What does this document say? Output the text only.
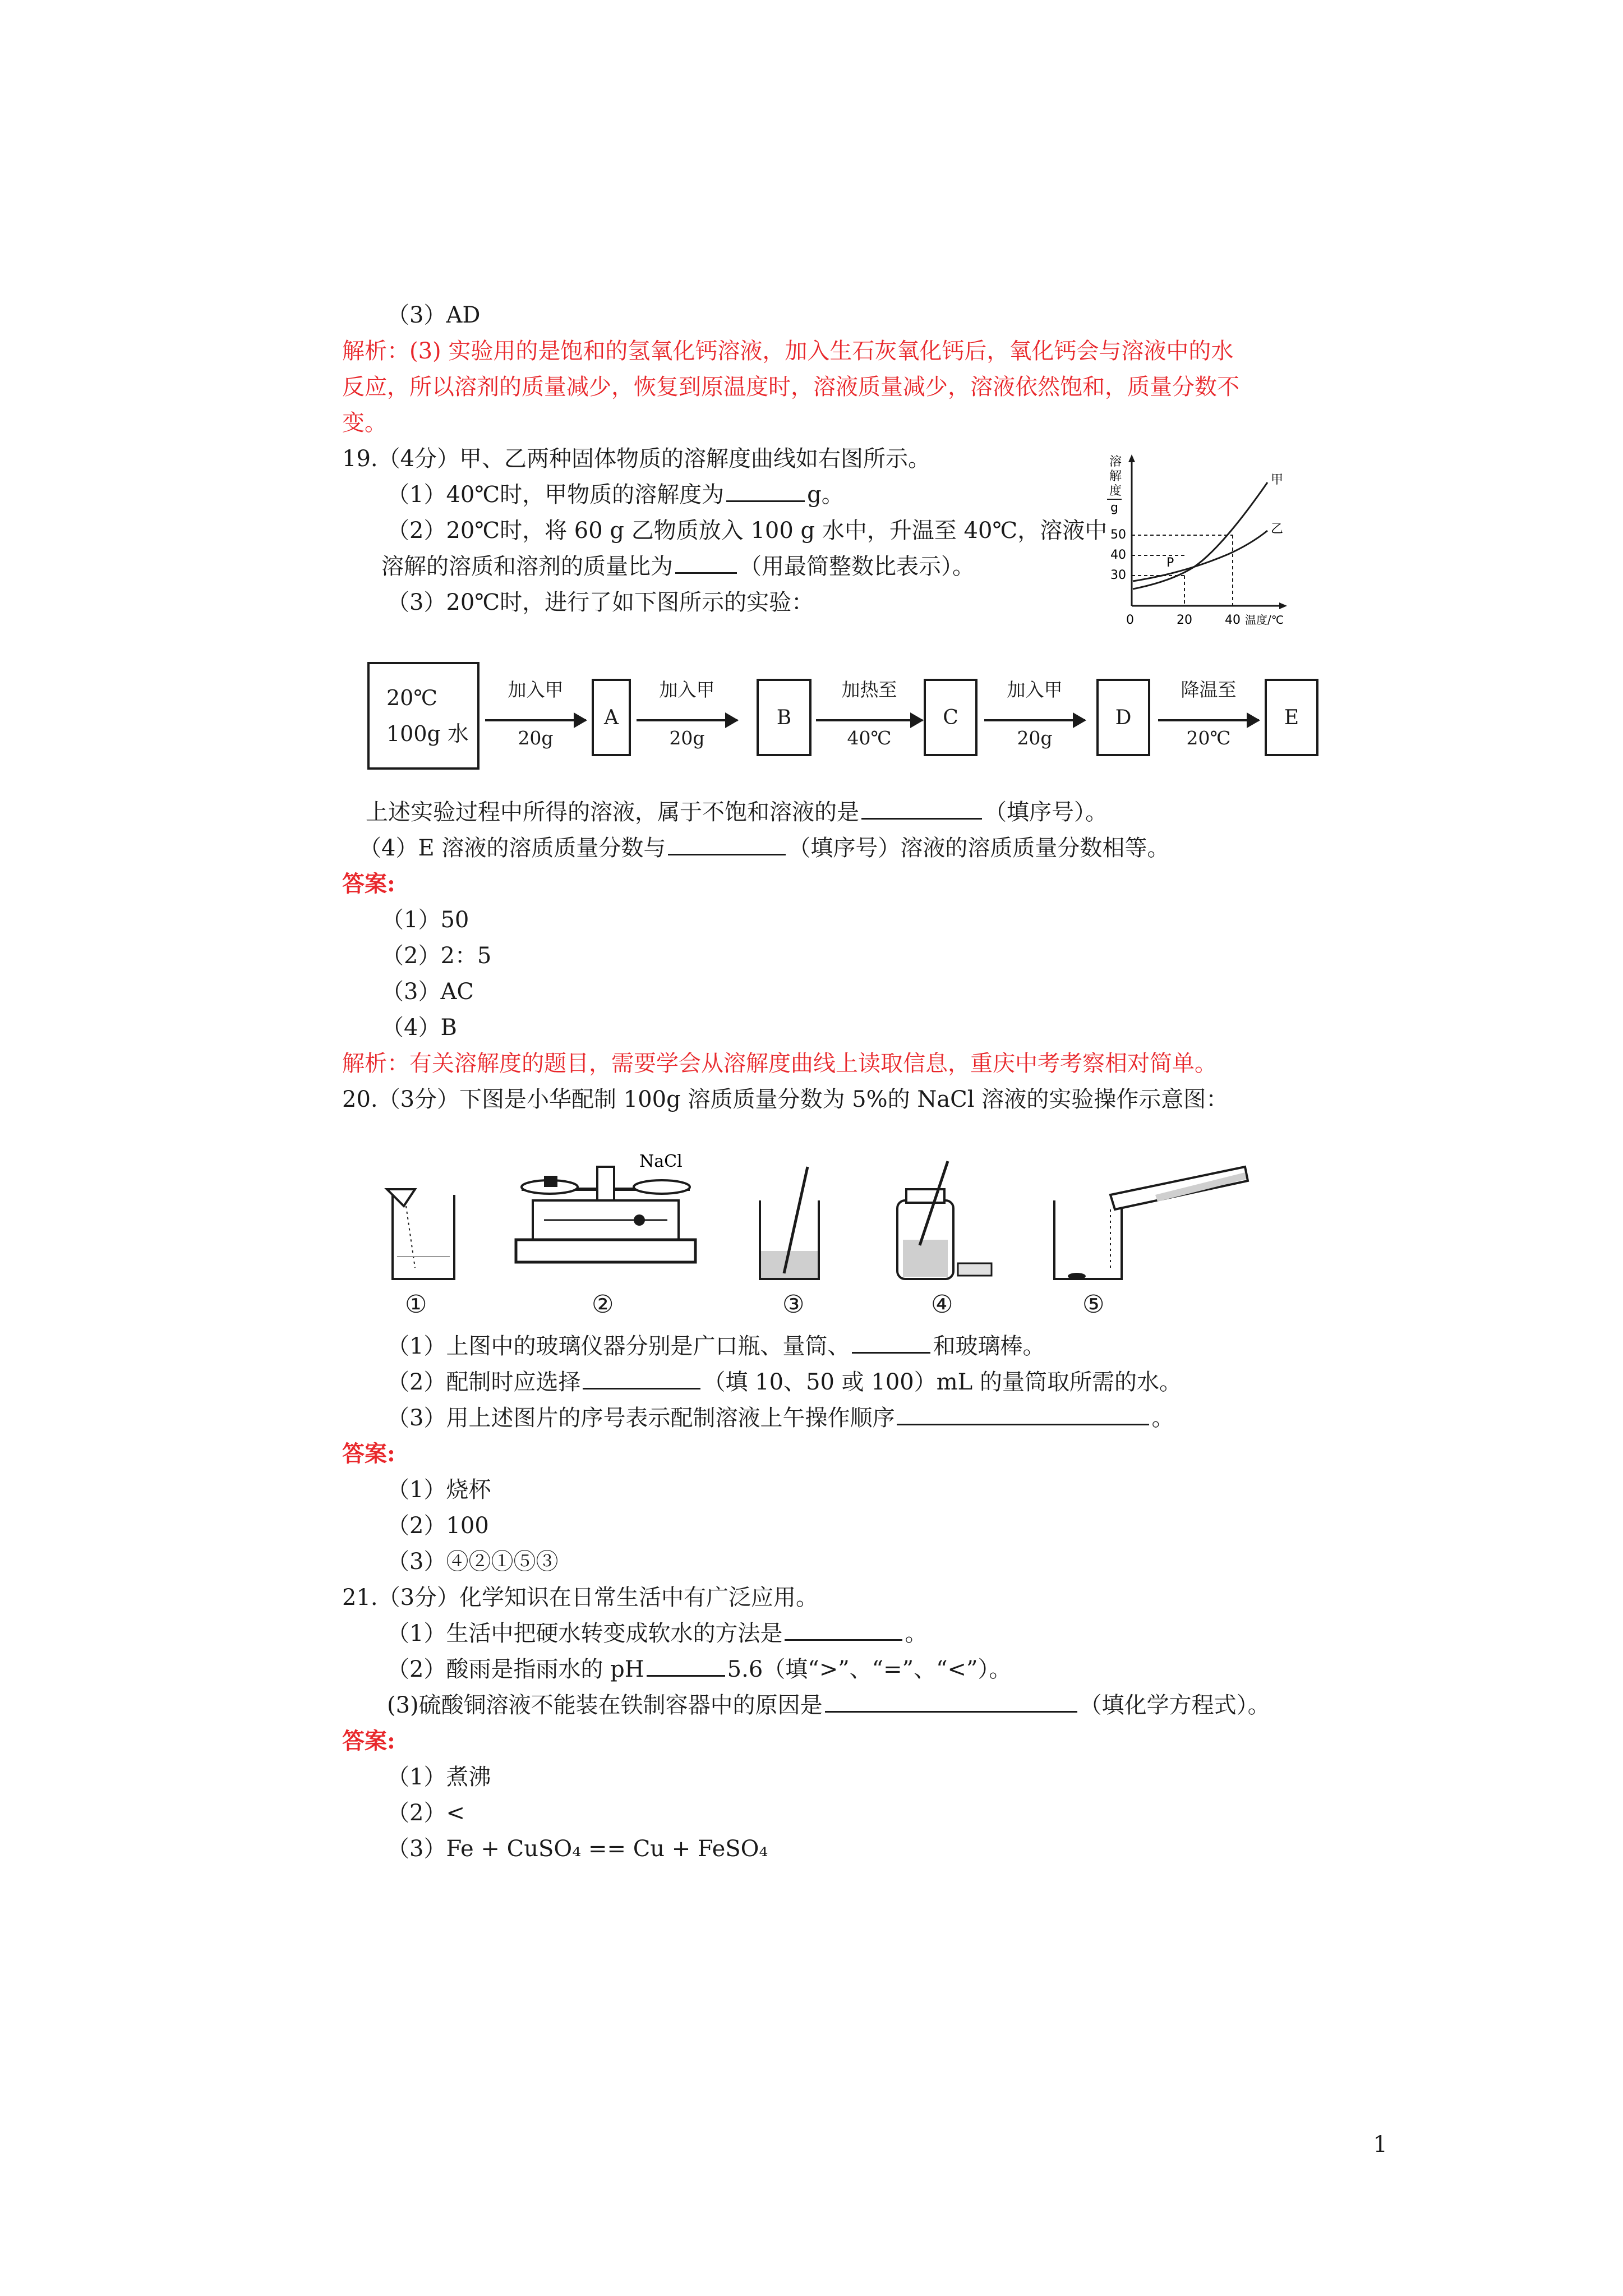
（3）AD
解析：(3) 实验用的是饱和的氢氧化钙溶液，加入生石灰氧化钙后，氧化钙会与溶液中的水
反应，所以溶剂的质量减少，恢复到原温度时，溶液质量减少，溶液依然饱和，质量分数不
变。
19.（4分）甲、乙两种固体物质的溶解度曲线如右图所示。
（1）40℃时，甲物质的溶解度为	g。
（2）20℃时，将 60 g 乙物质放入 100 g 水中，升温至 40℃，溶液中
溶解的溶质和溶剂的质量比为	（用最简整数比表示）。
（3）20℃时，进行了如下图所示的实验：
溶
解
度
g
50
40
30
甲
乙
P
0	20	40 温度/℃
20℃
100g 水
加入甲
20g
A
加入甲
20g
B
加热至
40℃
C
加入甲
20g
D
降温至
20℃
E
上述实验过程中所得的溶液，属于不饱和溶液的是	（填序号）。
（4）E 溶液的溶质质量分数与	（填序号）溶液的溶质质量分数相等。
答案:
（1）50
（2）2：5
（3）AC
（4）B
解析：有关溶解度的题目，需要学会从溶解度曲线上读取信息，重庆中考考察相对简单。
20.（3分）下图是小华配制 100g 溶质质量分数为 5%的 NaCl 溶液的实验操作示意图：
NaCl
①	②	③	④	⑤
（1）上图中的玻璃仪器分别是广口瓶、量筒、	和玻璃棒。
（2）配制时应选择	（填 10、50 或 100）mL 的量筒取所需的水。
（3）用上述图片的序号表示配制溶液上午操作顺序	。
答案:
（1）烧杯
（2）100
（3）④②①⑤③
21.（3分）化学知识在日常生活中有广泛应用。
（1）生活中把硬水转变成软水的方法是	。
（2）酸雨是指雨水的 pH	5.6（填“>”、“=”、“<”）。
(3)硫酸铜溶液不能装在铁制容器中的原因是	（填化学方程式）。
答案:
（1）煮沸
（2）<
（3）Fe + CuSO₄ == Cu + FeSO₄
1
